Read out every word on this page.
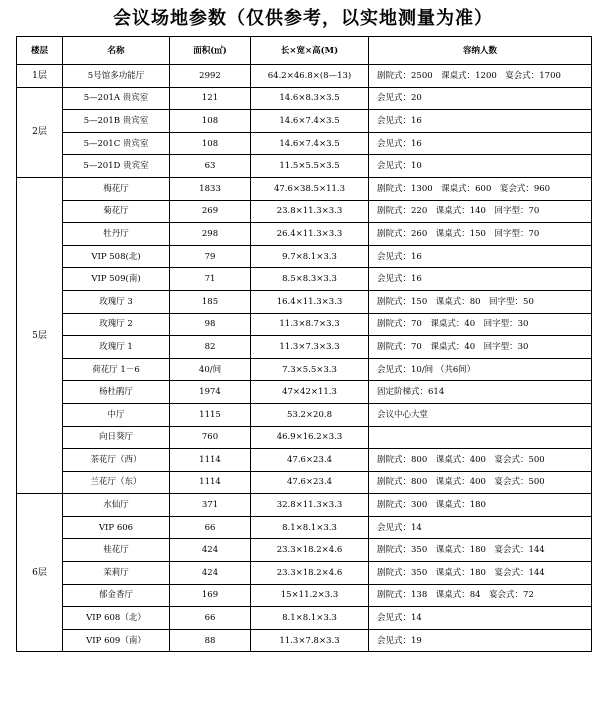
会议场地参数（仅供参考，以实地测量为准）
楼层	名称	面积(㎡)	长×宽×高(M)	容纳人数
1层	5号馆多功能厅	2992	64.2×46.8×(8—13)	剧院式：2500　课桌式：1200　宴会式：1700
2层	5—201A 贵宾室	121	14.6×8.3×3.5	会见式：20
	5—201B 贵宾室	108	14.6×7.4×3.5	会见式：16
	5—201C 贵宾室	108	14.6×7.4×3.5	会见式：16
	5—201D 贵宾室	63	11.5×5.5×3.5	会见式：10
5层	梅花厅	1833	47.6×38.5×11.3	剧院式：1300　课桌式：600　宴会式：960
	菊花厅	269	23.8×11.3×3.3	剧院式：220　课桌式：140　回字型：70
	牡丹厅	298	26.4×11.3×3.3	剧院式：260　课桌式：150　回字型：70
	VIP 508(北)	79	9.7×8.1×3.3	会见式：16
	VIP 509(南)	71	8.5×8.3×3.3	会见式：16
	玫瑰厅 3	185	16.4×11.3×3.3	剧院式：150　课桌式：80　回字型：50
	玫瑰厅 2	98	11.3×8.7×3.3	剧院式：70　课桌式：40　回字型：30
	玫瑰厅 1	82	11.3×7.3×3.3	剧院式：70　课桌式：40　回字型：30
	荷花厅 1－6	40/间	7.3×5.5×3.3	会见式：10/间 （共6间）
	杨杜鹃厅	1974	47×42×11.3	固定阶梯式：614
	中厅	1115	53.2×20.8	会议中心大堂
	向日葵厅	760	46.9×16.2×3.3	
	茶花厅（西）	1114	47.6×23.4	剧院式：800　课桌式：400　宴会式：500
	兰花厅（东）	1114	47.6×23.4	剧院式：800　课桌式：400　宴会式：500
6层	水仙厅	371	32.8×11.3×3.3	剧院式：300　课桌式：180
	VIP 606	66	8.1×8.1×3.3	会见式：14
	桂花厅	424	23.3×18.2×4.6	剧院式：350　课桌式：180　宴会式：144
	茉莉厅	424	23.3×18.2×4.6	剧院式：350　课桌式：180　宴会式：144
	郁金香厅	169	15×11.2×3.3	剧院式：138　课桌式：84　宴会式：72
	VIP 608（北）	66	8.1×8.1×3.3	会见式：14
	VIP 609（南）	88	11.3×7.8×3.3	会见式：19
